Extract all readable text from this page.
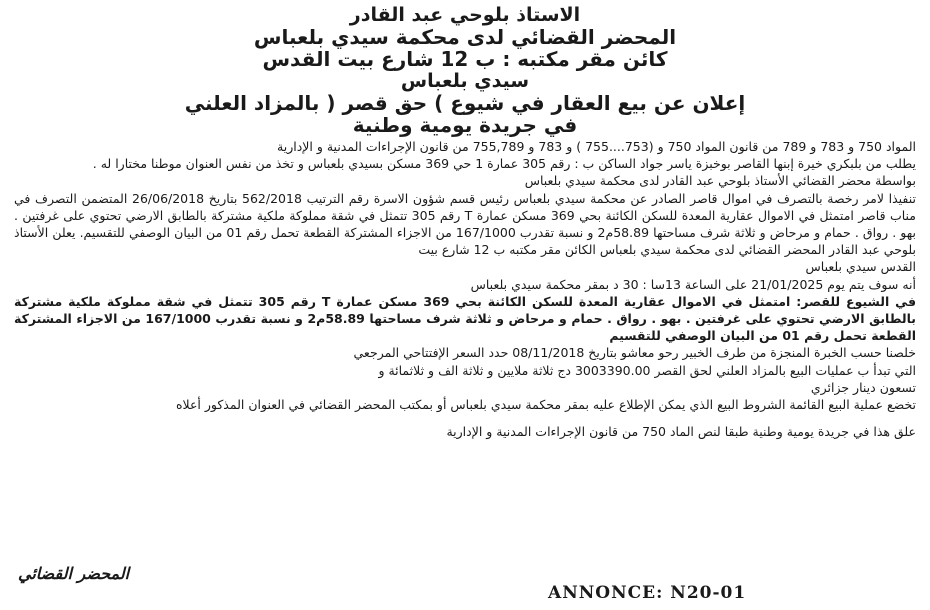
الاستاذ بلوحي عبد القادر
المحضر القضائي لدى محكمة سيدي بلعباس
كائن مقر مكتبه : ب 12 شارع بيت القدس
سيدي بلعباس
إعلان عن بيع العقار في شيوع ) حق قصر ( بالمزاد العلني
في جريدة يومية وطنية

المواد 750 و 783 و 789 من قانون المواد 750 و (753....755 ) و 783 و 755,789 من قانون الإجراءات المدنية و الإدارية

يطلب من بلبكري خيرة إبنها القاصر بوخبزة ياسر جواد الساكن ب : رقم 305 عمارة 1 حي 369 مسكن بسيدي بلعباس و تخذ من نفس العنوان موطنا مختارا له .

بواسطة محضر القضائي الأستاذ بلوحي عبد القادر لدى محكمة سيدي بلعباس

تنفيذا لامر رخصة بالتصرف في اموال قاصر الصادر عن محكمة سيدي بلعباس رئيس قسم شؤون الاسرة رقم الترتيب 562/2018 بتاريخ 26/06/2018 المتضمن التصرف في مناب قاصر امتمثل في الاموال عقارية المعدة للسكن الكائنة بحي 369 مسكن عمارة T رقم 305 تتمثل في شقة مملوكة ملكية مشتركة بالطابق الارضي تحتوي على غرفتين . بهو . رواق . حمام و مرحاض و ثلاثة شرف مساحتها 58.89م2 و نسبة تقدرب 167/1000 من الاجزاء المشتركة القطعة تحمل رقم 01 من البيان الوصفي للتقسيم. يعلن الأستاذ بلوحي عبد القادر المحضر القضائي لدى محكمة سيدي بلعباس الكائن مقر مكتبه ب 12 شارع بيت

القدس سيدي بلعباس

أنه سوف يتم يوم 21/01/2025 على الساعة 13سا : 30 د بمقر محكمة سيدي بلعباس

في الشيوع للقصر: امتمثل في الاموال عقارية المعدة للسكن الكائنة بحي 369 مسكن عمارة T رقم 305 تتمثل في شقة مملوكة ملكية مشتركة بالطابق الارضي تحتوي على غرفتين . بهو . رواق . حمام و مرحاض و ثلاثة شرف مساحتها 58.89م2 و نسبة تقدرب 167/1000 من الاجزاء المشتركة القطعة تحمل رقم 01 من البيان الوصفي للتقسيم

خلصنا حسب الخبرة المنجزة من طرف الخبير رحو معاشو بتاريخ 08/11/2018 حدد السعر الإفتتاحي المرجعي

التي تبدأ ب عمليات البيع بالمزاد العلني لحق القصر 3003390.00 دج ثلاثة ملايين و ثلاثة الف و ثلاثمائة و

تسعون دينار جزائري

تخضع عملية البيع القائمة الشروط البيع الذي يمكن الإطلاع عليه بمقر محكمة سيدي بلعباس أو بمكتب المحضر القضائي في العنوان المذكور أعلاه

علق هذا في جريدة يومية وطنية طبقا لنص الماد 750 من قانون الإجراءات المدنية و الإدارية

المحضر القضائي
ANNONCE: N20-01
